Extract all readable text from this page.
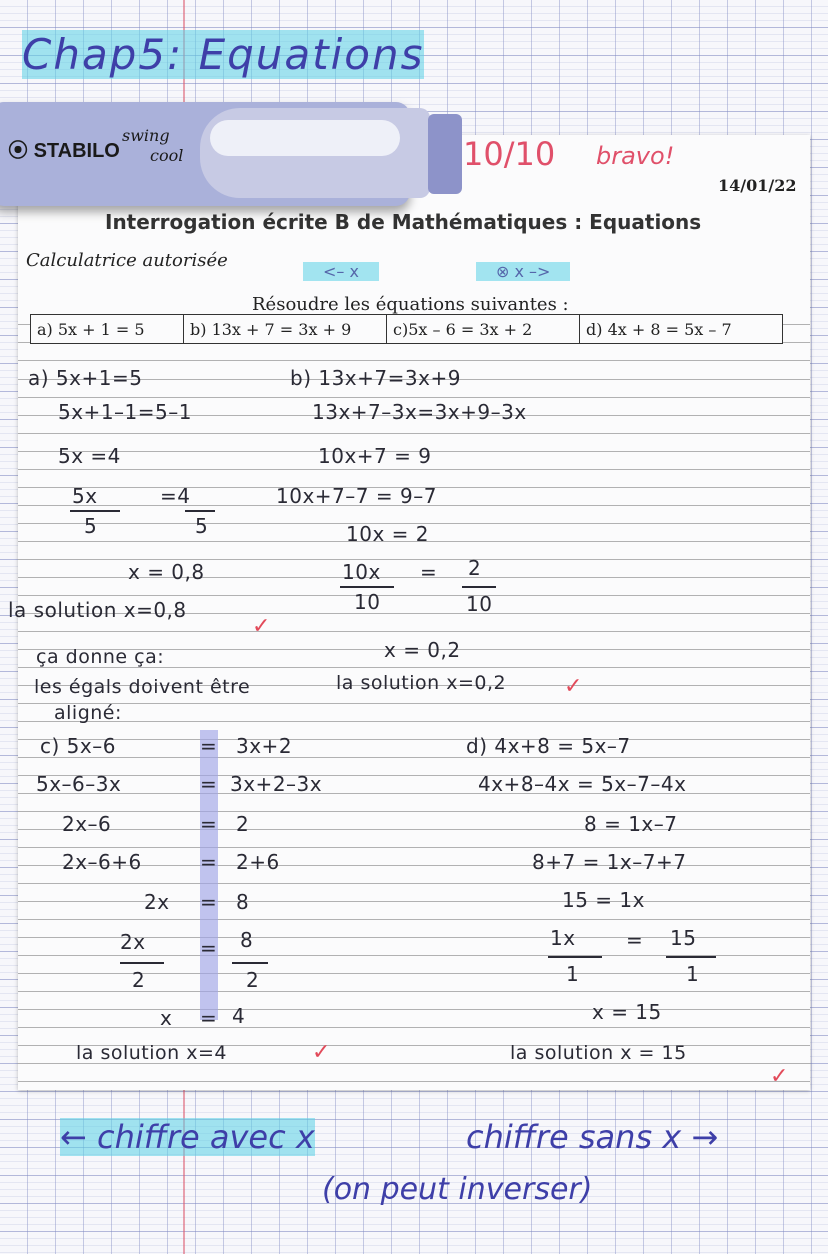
Chap5: Equations
14/01/22
Interrogation écrite B de Mathématiques : Equations
Calculatrice autorisée
Résoudre les équations suivantes :
a) 5x + 1 = 5	b) 13x + 7 = 3x + 9	c)5x – 6 = 3x + 2	d) 4x + 8 = 5x – 7
10/10 bravo!
<– x	⊗ x –>
⦿ STABILO
swing
cool
a) 5x+1=5
5x+1–1=5–1
5x =4
5x	=4
5	5
x = 0,8
la solution x=0,8
✓
b) 13x+7=3x+9
13x+7–3x=3x+9–3x
10x+7 = 9
10x+7–7 = 9–7
10x = 2
10x = 2
10	10
x = 0,2
la solution x=0,2	✓
ça donne ça:
les égals doivent être
aligné:
c) 5x–6	= 3x+2
5x–6–3x	= 3x+2–3x
2x–6	= 2
2x–6+6	= 2+6
2x = 8
2x	= 8
2	2
x = 4
la solution x=4	✓
d) 4x+8 = 5x–7
4x+8–4x = 5x–7–4x
8 = 1x–7
8+7 = 1x–7+7
15 = 1x
1x	= 15
1	1
x = 15
la solution x = 15
✓
← chiffre avec x	chiffre sans x →
(on peut inverser)
